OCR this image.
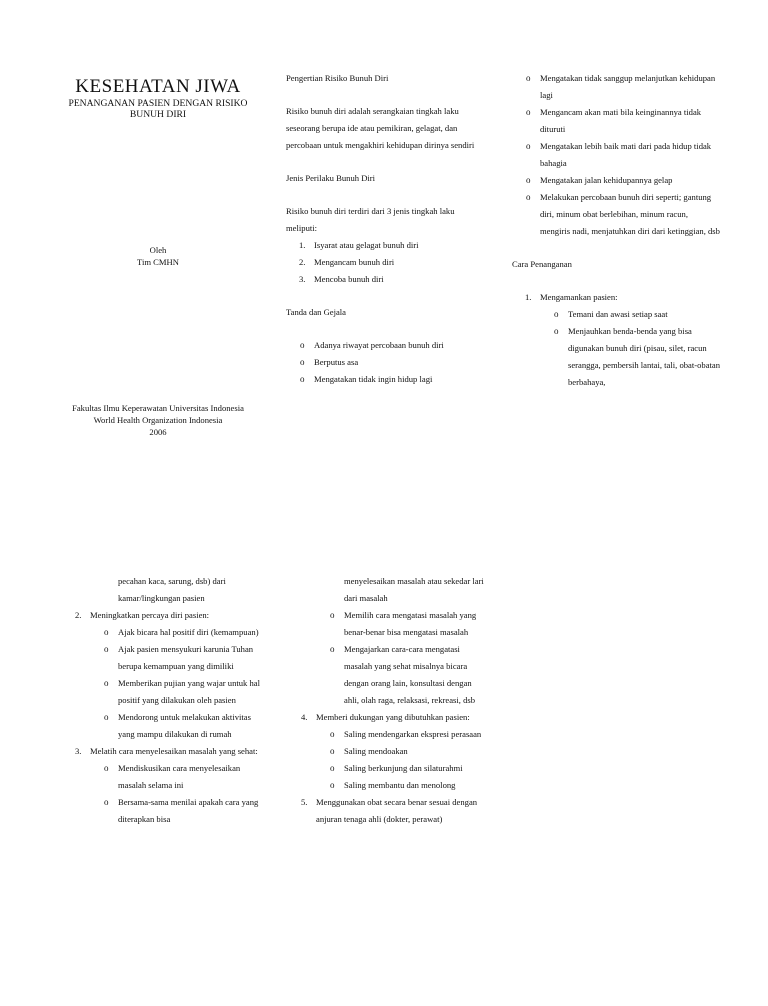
KESEHATAN JIWA
PENANGANAN PASIEN DENGAN RISIKO BUNUH DIRI
Oleh
Tim CMHN
Fakultas Ilmu Keperawatan Universitas Indonesia
World Health Organization Indonesia
2006

Pengertian Risiko Bunuh Diri

Risiko bunuh diri adalah serangkaian tingkah laku seseorang berupa ide atau pemikiran, gelagat, dan percobaan untuk mengakhiri kehidupan dirinya sendiri

Jenis Perilaku Bunuh Diri

Risiko bunuh diri terdiri dari 3 jenis tingkah laku meliputi:

1. Isyarat atau gelagat bunuh diri
2. Mengancam bunuh diri
3. Mencoba bunuh diri

Tanda dan Gejala

o Adanya riwayat percobaan bunuh diri
o Berputus asa
o Mengatakan tidak ingin hidup lagi
o Mengatakan tidak sanggup melanjutkan kehidupan lagi
o Mengancam akan mati bila keinginannya tidak dituruti
o Mengatakan lebih baik mati dari pada hidup tidak bahagia
o Mengatakan jalan kehidupannya gelap
o Melakukan percobaan bunuh diri seperti; gantung diri, minum obat berlebihan, minum racun, mengiris nadi, menjatuhkan diri dari ketinggian, dsb

Cara Penanganan

1. Mengamankan pasien:
o Temani dan awasi setiap saat
o Menjauhkan benda-benda yang bisa digunakan bunuh diri (pisau, silet, racun serangga, pembersih lantai, tali, obat-obatan berbahaya,

pecahan kaca, sarung, dsb) dari kamar/lingkungan pasien

2. Meningkatkan percaya diri pasien:
o Ajak bicara hal positif diri (kemampuan)
o Ajak pasien mensyukuri karunia Tuhan berupa kemampuan yang dimiliki
o Memberikan pujian yang wajar untuk hal positif yang dilakukan oleh pasien
o Mendorong untuk melakukan aktivitas yang mampu dilakukan di rumah
3. Melatih cara menyelesaikan masalah yang sehat:
o Mendiskusikan cara menyelesaikan masalah selama ini
o Bersama-sama menilai apakah cara yang diterapkan bisa

menyelesaikan masalah atau sekedar lari dari masalah

o Memilih cara mengatasi masalah yang benar-benar bisa mengatasi masalah
o Mengajarkan cara-cara mengatasi masalah yang sehat misalnya bicara dengan orang lain, konsultasi dengan ahli, olah raga, relaksasi, rekreasi, dsb
4. Memberi dukungan yang dibutuhkan pasien:
o Saling mendengarkan ekspresi perasaan
o Saling mendoakan
o Saling berkunjung dan silaturahmi
o Saling membantu dan menolong
5. Menggunakan obat secara benar sesuai dengan anjuran tenaga ahli (dokter, perawat)
